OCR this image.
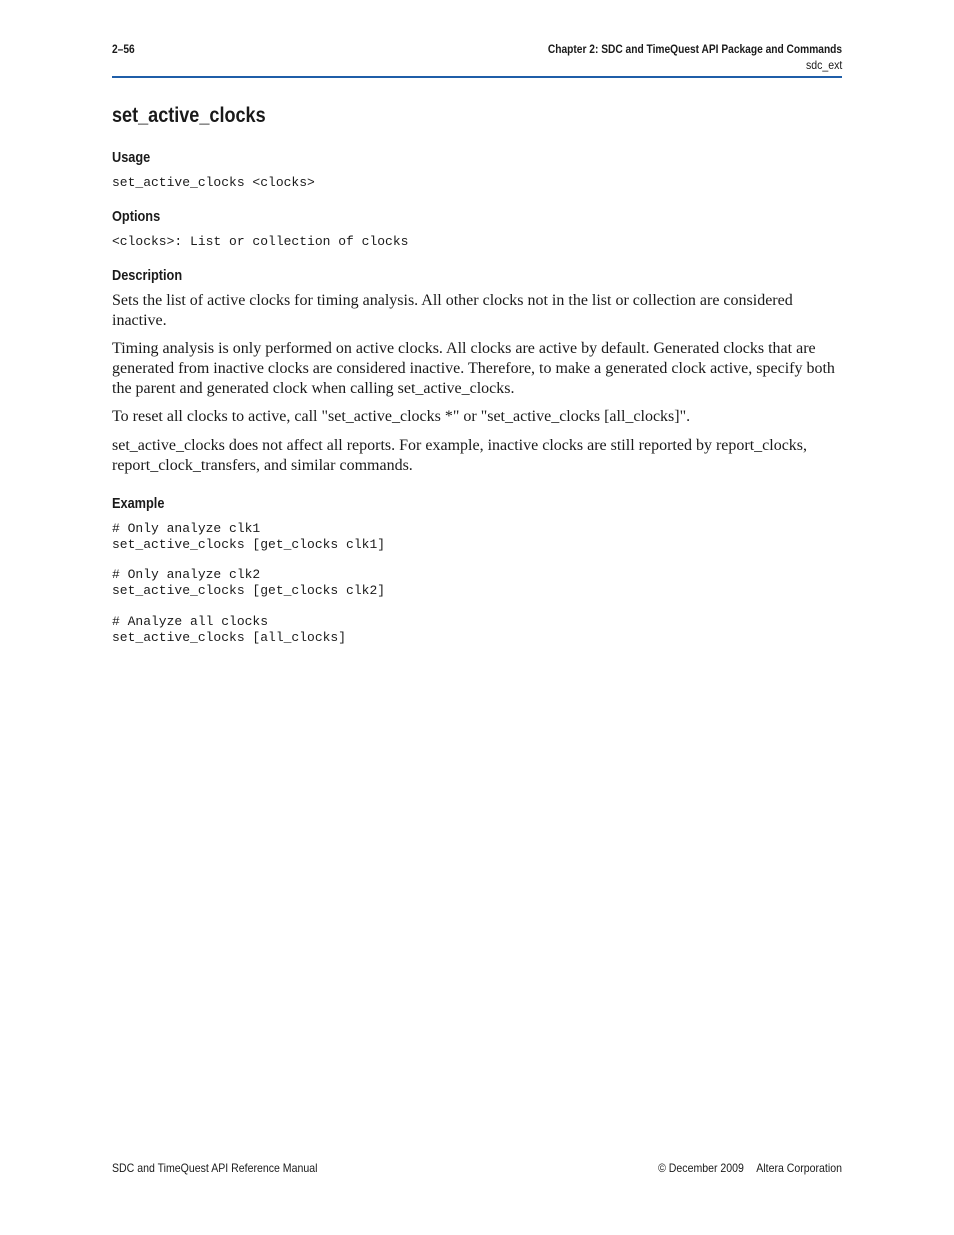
2–56	Chapter 2: SDC and TimeQuest API Package and Commands
sdc_ext
set_active_clocks
Usage
set_active_clocks <clocks>
Options
<clocks>: List or collection of clocks
Description
Sets the list of active clocks for timing analysis. All other clocks not in the list or collection are considered inactive.
Timing analysis is only performed on active clocks. All clocks are active by default. Generated clocks that are generated from inactive clocks are considered inactive. Therefore, to make a generated clock active, specify both the parent and generated clock when calling set_active_clocks.
To reset all clocks to active, call "set_active_clocks *" or "set_active_clocks [all_clocks]".
set_active_clocks does not affect all reports. For example, inactive clocks are still reported by report_clocks, report_clock_transfers, and similar commands.
Example
# Only analyze clk1
set_active_clocks [get_clocks clk1]
# Only analyze clk2
set_active_clocks [get_clocks clk2]
# Analyze all clocks
set_active_clocks [all_clocks]
SDC and TimeQuest API Reference Manual	© December 2009 Altera Corporation
